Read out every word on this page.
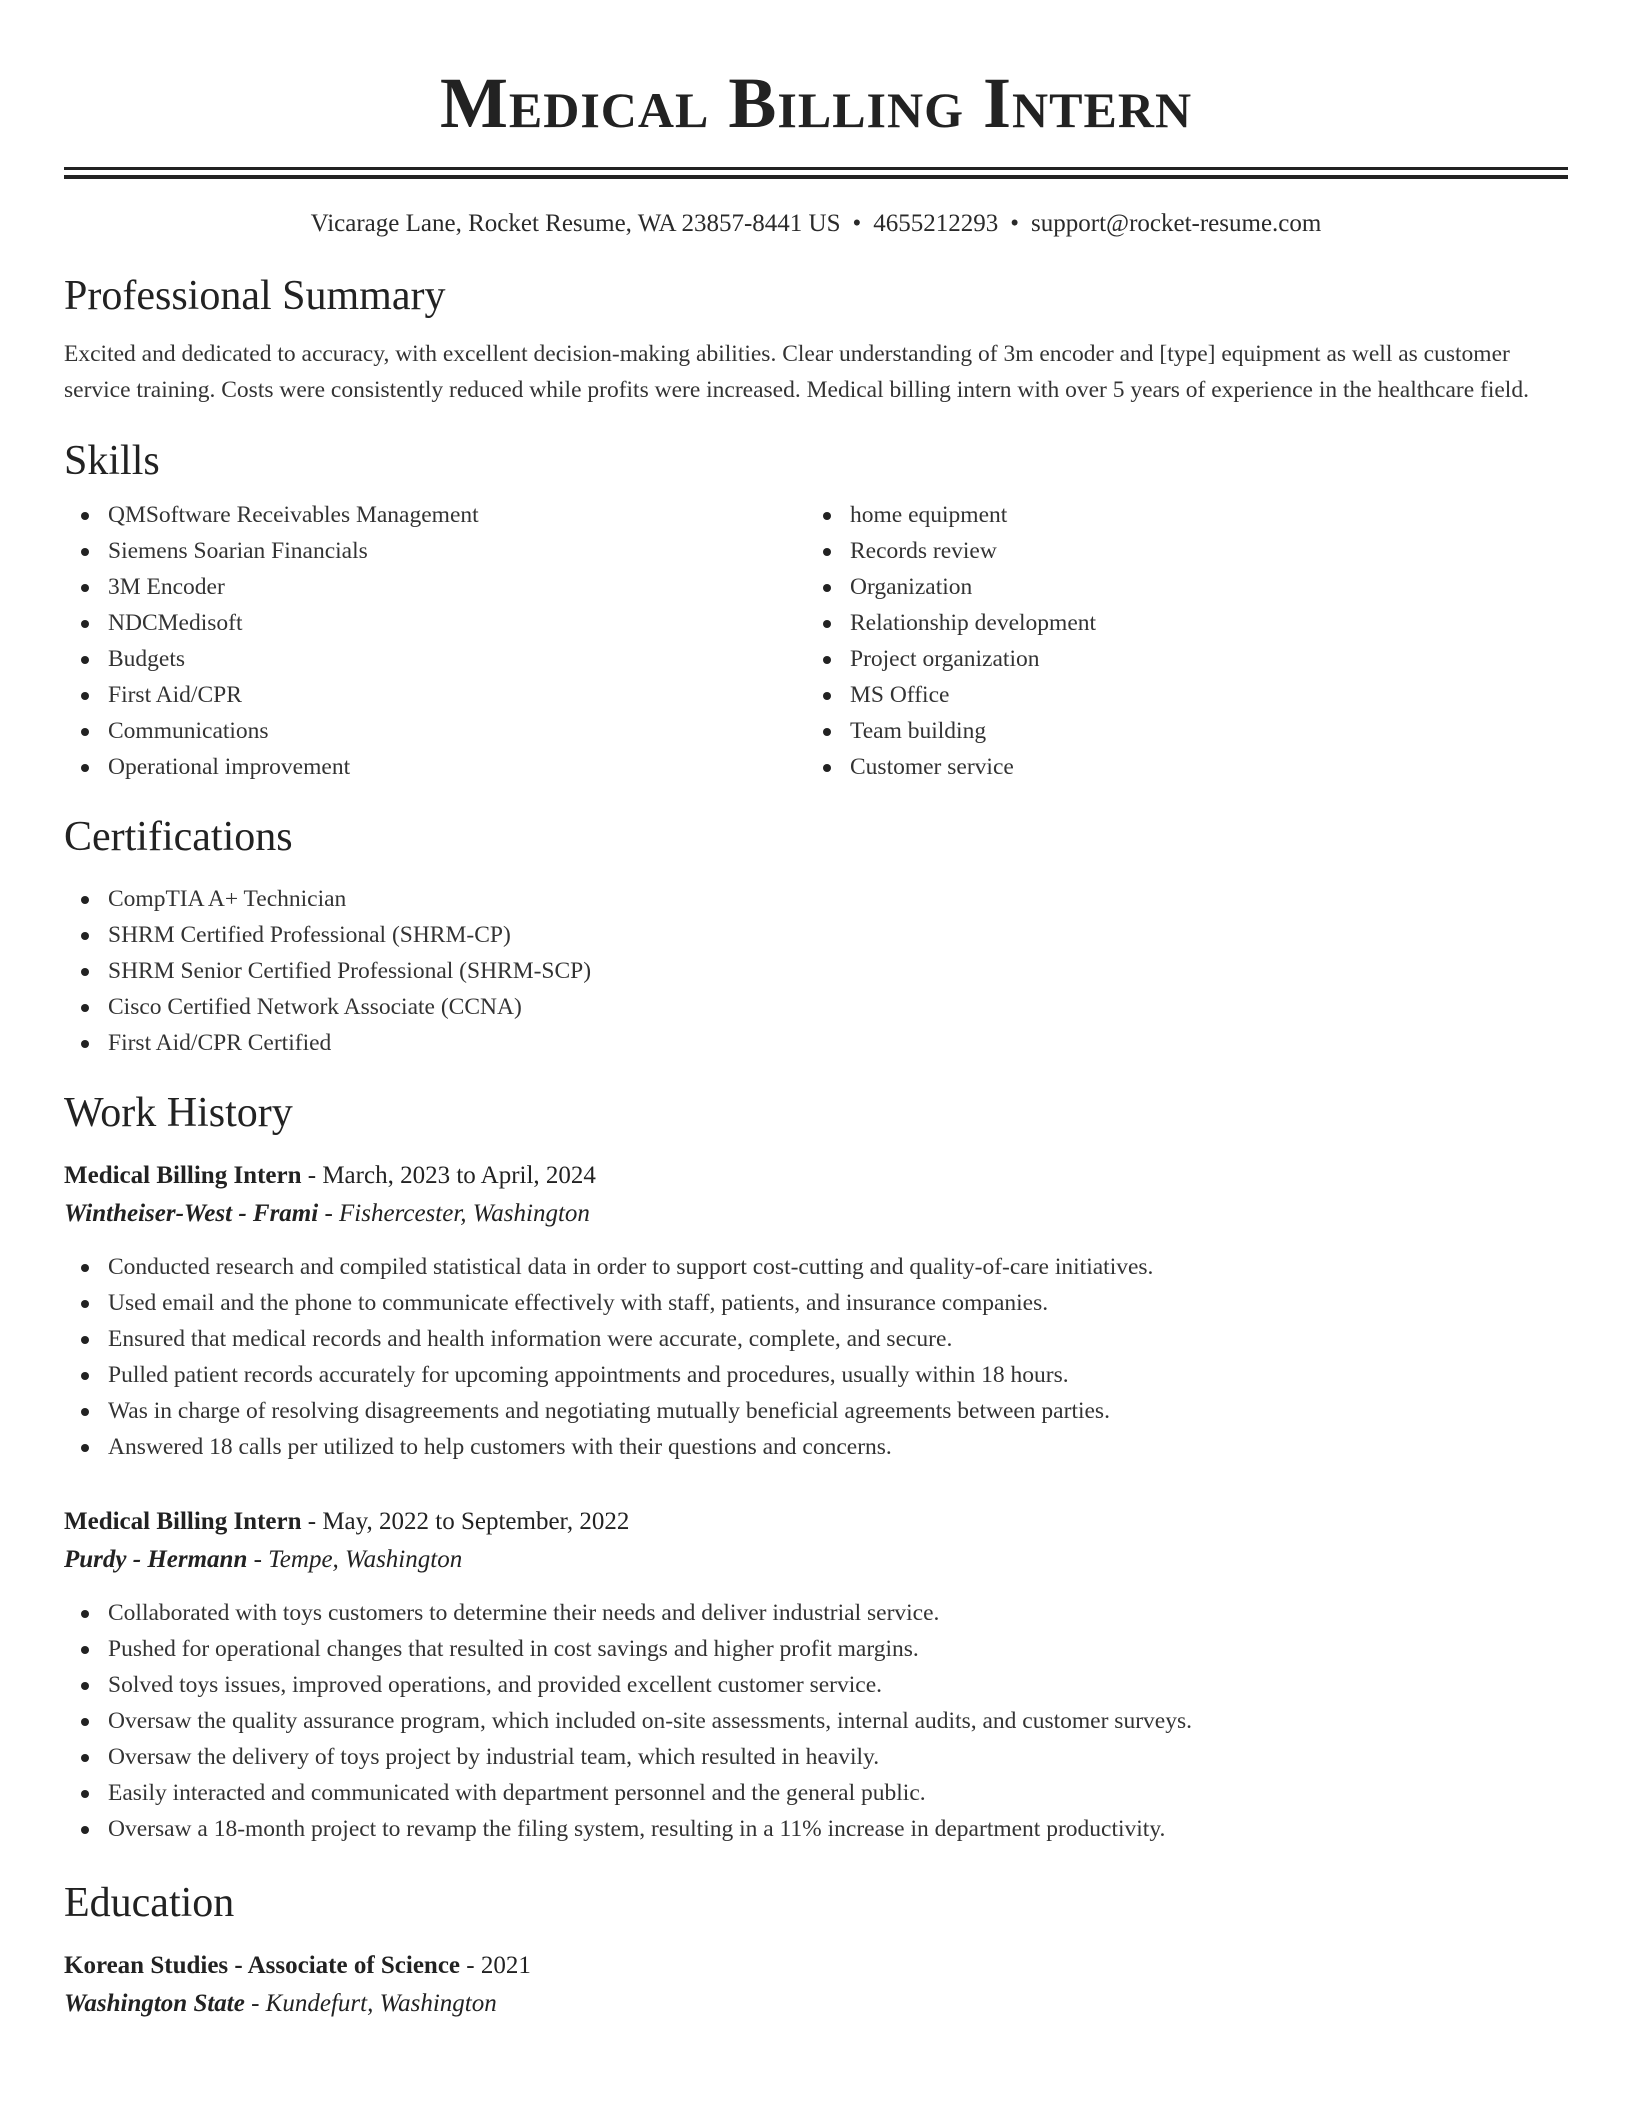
Medical Billing Intern
Vicarage Lane, Rocket Resume, WA 23857-8441 US • 4655212293 • support@rocket-resume.com
Professional Summary

Excited and dedicated to accuracy, with excellent decision-making abilities. Clear understanding of 3m encoder and [type] equipment as well as customer service training. Costs were consistently reduced while profits were increased. Medical billing intern with over 5 years of experience in the healthcare field.

Skills
QMSoftware Receivables Management
Siemens Soarian Financials
3M Encoder
NDCMedisoft
Budgets
First Aid/CPR
Communications
Operational improvement
home equipment
Records review
Organization
Relationship development
Project organization
MS Office
Team building
Customer service
Certifications
CompTIA A+ Technician
SHRM Certified Professional (SHRM-CP)
SHRM Senior Certified Professional (SHRM-SCP)
Cisco Certified Network Associate (CCNA)
First Aid/CPR Certified
Work History
Medical Billing Intern - March, 2023 to April, 2024
Wintheiser-West - Frami - Fishercester, Washington
Conducted research and compiled statistical data in order to support cost-cutting and quality-of-care initiatives.
Used email and the phone to communicate effectively with staff, patients, and insurance companies.
Ensured that medical records and health information were accurate, complete, and secure.
Pulled patient records accurately for upcoming appointments and procedures, usually within 18 hours.
Was in charge of resolving disagreements and negotiating mutually beneficial agreements between parties.
Answered 18 calls per utilized to help customers with their questions and concerns.
Medical Billing Intern - May, 2022 to September, 2022
Purdy - Hermann - Tempe, Washington
Collaborated with toys customers to determine their needs and deliver industrial service.
Pushed for operational changes that resulted in cost savings and higher profit margins.
Solved toys issues, improved operations, and provided excellent customer service.
Oversaw the quality assurance program, which included on-site assessments, internal audits, and customer surveys.
Oversaw the delivery of toys project by industrial team, which resulted in heavily.
Easily interacted and communicated with department personnel and the general public.
Oversaw a 18-month project to revamp the filing system, resulting in a 11% increase in department productivity.
Education
Korean Studies - Associate of Science - 2021
Washington State - Kundefurt, Washington
